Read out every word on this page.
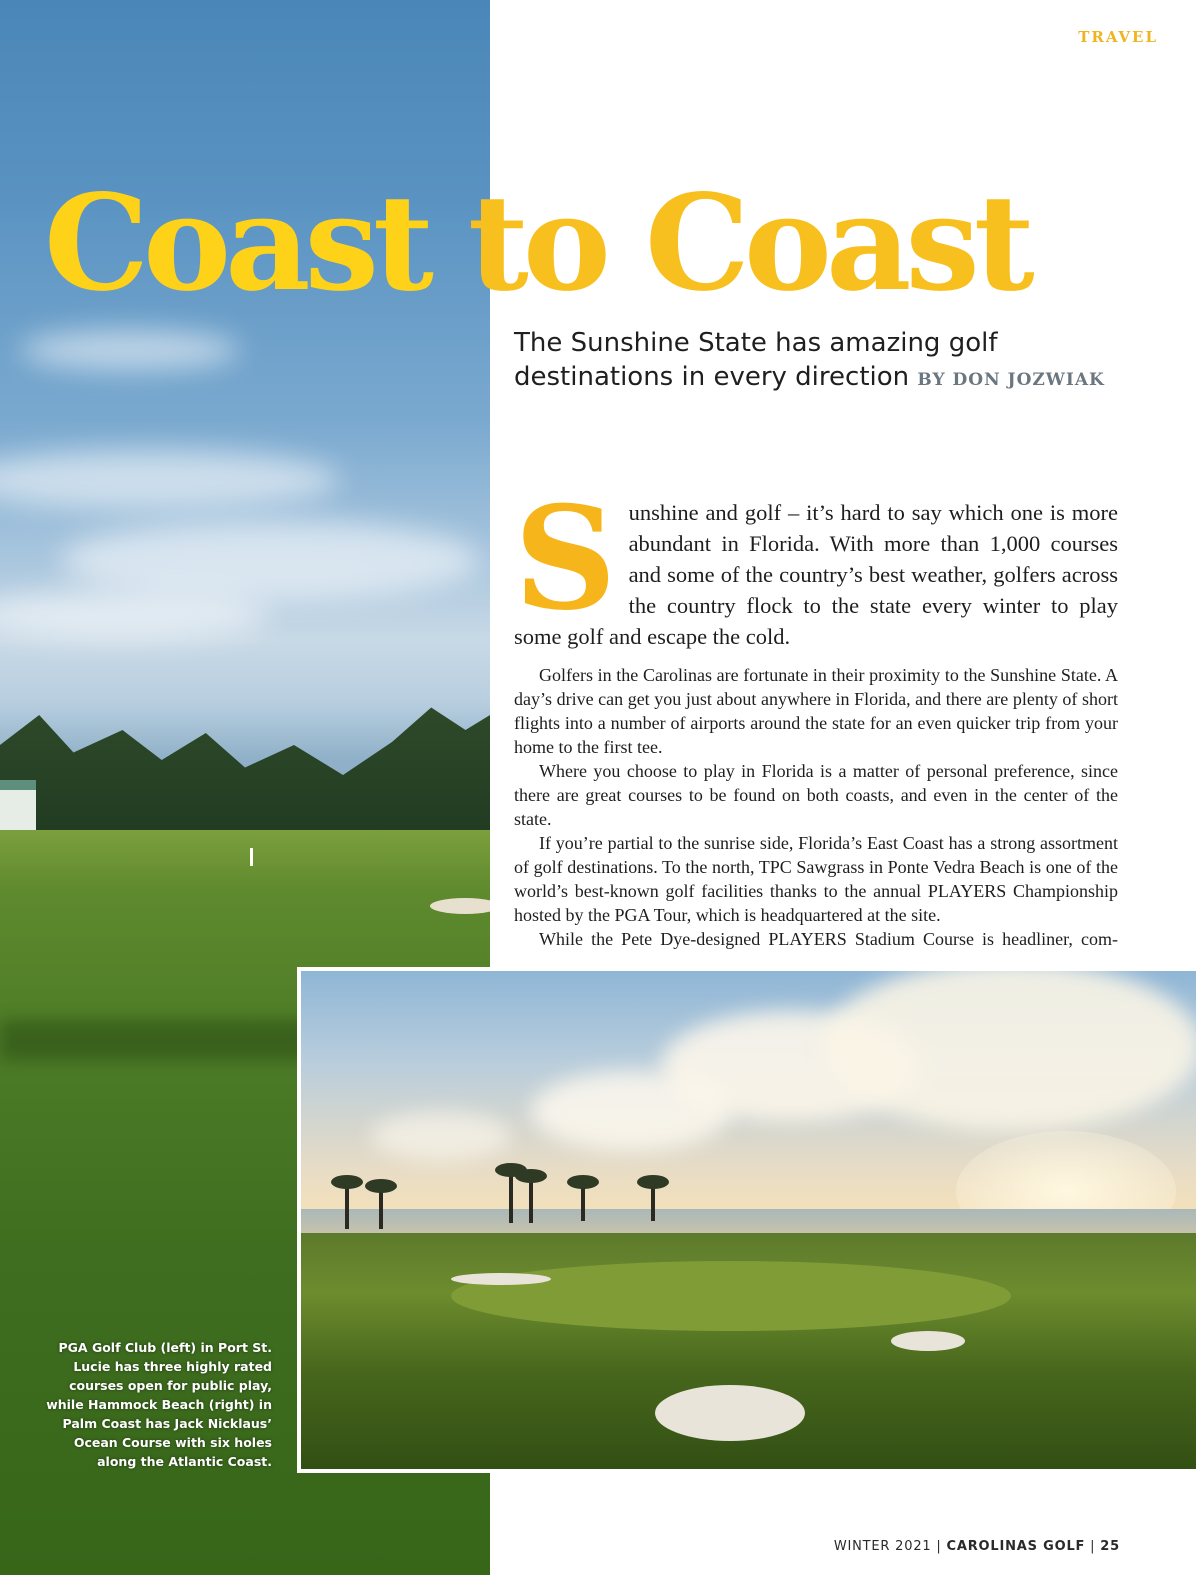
TRAVEL
Coast to Coast
The Sunshine State has amazing golf destinations in every direction BY DON JOZWIAK

Sunshine and golf – it’s hard to say which one is more abundant in Florida. With more than 1,000 courses and some of the country’s best weather, golfers across the country flock to the state every winter to play some golf and escape the cold.

Golfers in the Carolinas are fortunate in their proximity to the Sunshine State. A day’s drive can get you just about anywhere in Florida, and there are plenty of short flights into a number of airports around the state for an even quicker trip from your home to the first tee.

Where you choose to play in Florida is a matter of personal preference, since there are great courses to be found on both coasts, and even in the center of the state.

If you’re partial to the sunrise side, Florida’s East Coast has a strong assortment of golf destinations. To the north, TPC Sawgrass in Ponte Vedra Beach is one of the world’s best-known golf facilities thanks to the annual PLAYERS Championship hosted by the PGA Tour, which is headquartered at the site.

While the Pete Dye-designed PLAYERS Stadium Course is headliner, com-

PGA Golf Club (left) in Port St. Lucie has three highly rated courses open for public play, while Hammock Beach (right) in Palm Coast has Jack Nicklaus’ Ocean Course with six holes along the Atlantic Coast.

WINTER 2021 | CAROLINAS GOLF | 25
